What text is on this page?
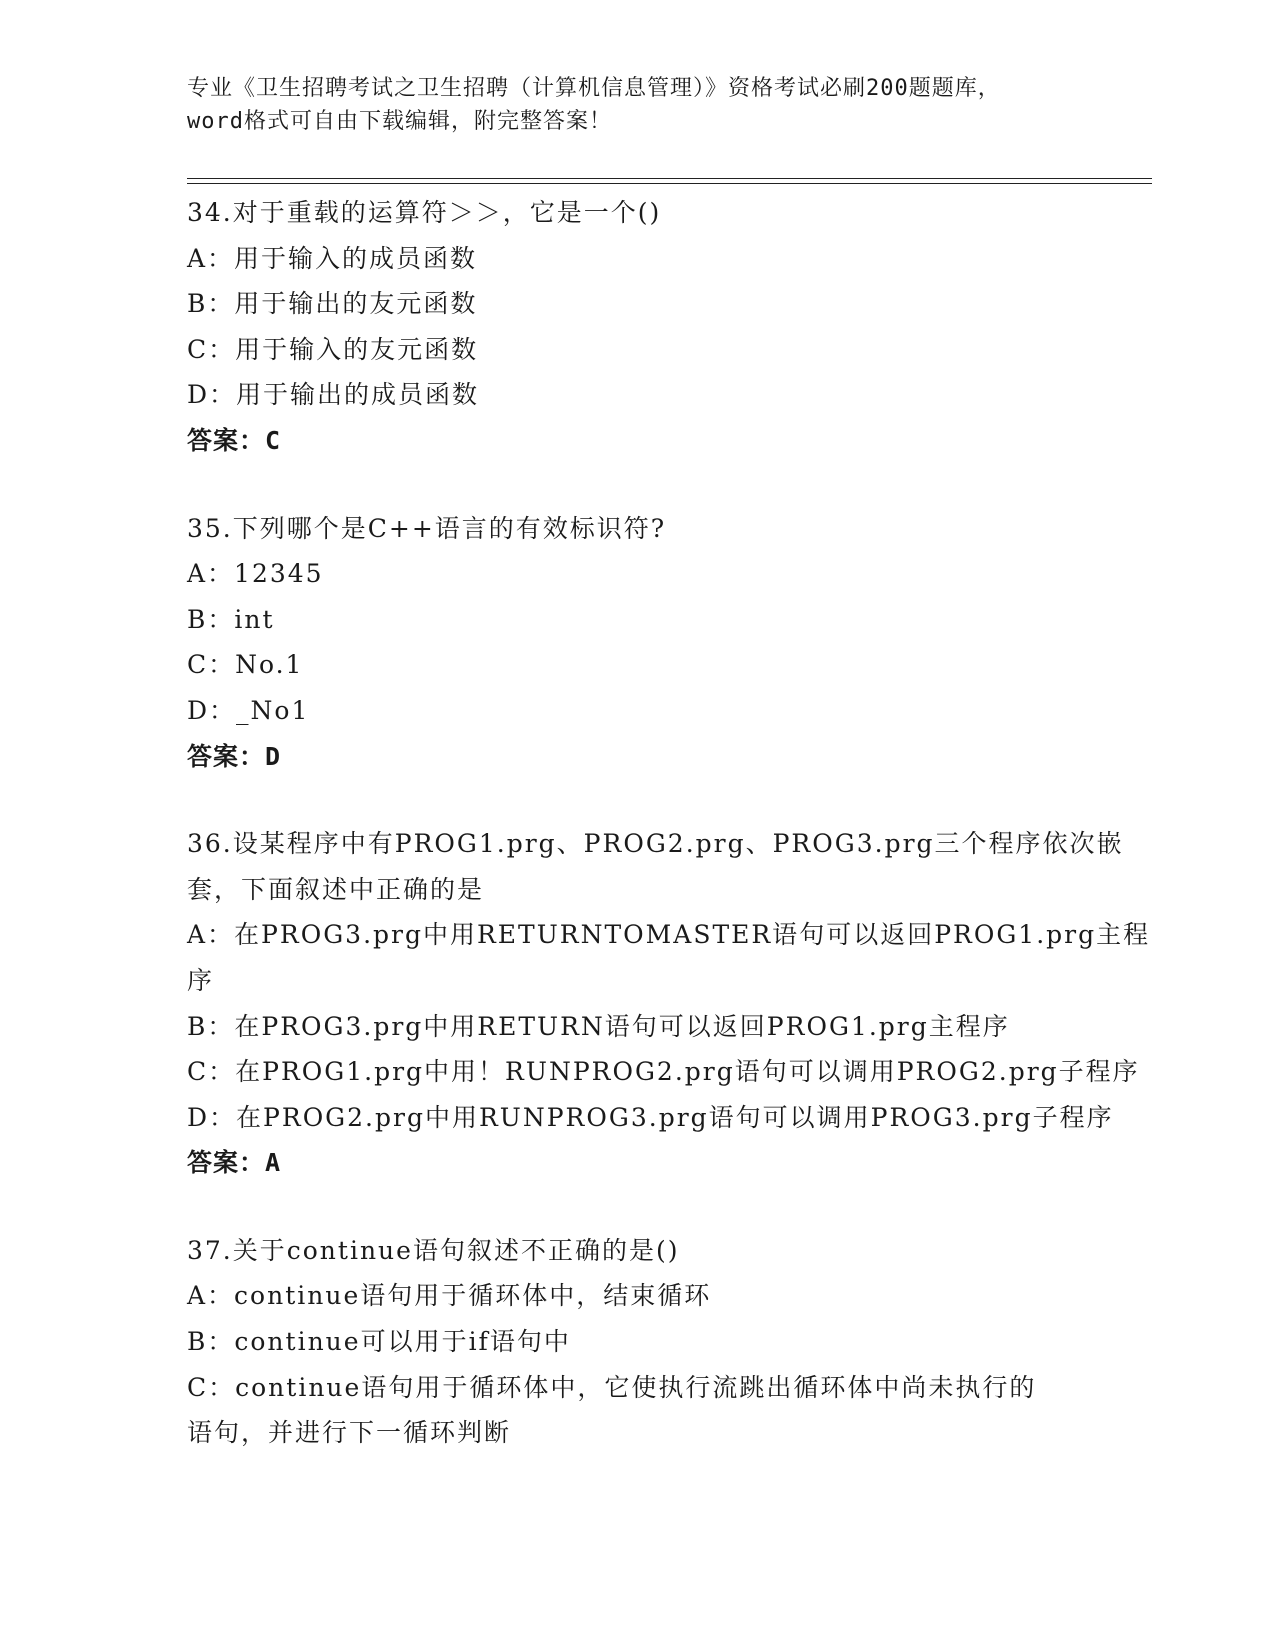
专业《卫生招聘考试之卫生招聘（计算机信息管理）》资格考试必刷200题题库，
word格式可自由下载编辑，附完整答案！
34.对于重载的运算符＞＞，它是一个()
A：用于输入的成员函数
B：用于输出的友元函数
C：用于输入的友元函数
D：用于输出的成员函数
答案：C
35.下列哪个是C++语言的有效标识符?
A：12345
B：int
C：No.1
D：_No1
答案：D
36.设某程序中有PROG1.prg、PROG2.prg、PROG3.prg三个程序依次嵌
套，下面叙述中正确的是
A：在PROG3.prg中用RETURNTOMASTER语句可以返回PROG1.prg主程
序
B：在PROG3.prg中用RETURN语句可以返回PROG1.prg主程序
C：在PROG1.prg中用！RUNPROG2.prg语句可以调用PROG2.prg子程序
D：在PROG2.prg中用RUNPROG3.prg语句可以调用PROG3.prg子程序
答案：A
37.关于continue语句叙述不正确的是()
A：continue语句用于循环体中，结束循环
B：continue可以用于if语句中
C：continue语句用于循环体中，它使执行流跳出循环体中尚未执行的
语句，并进行下一循环判断
